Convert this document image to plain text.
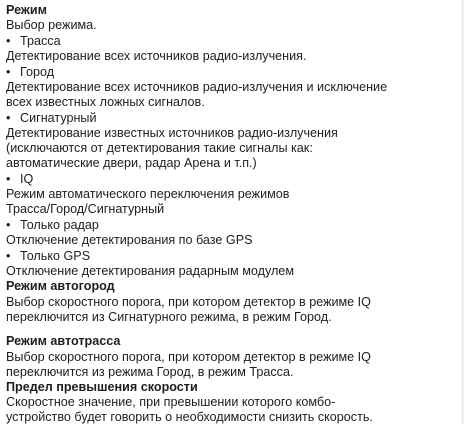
Режим
Выбор режима.
• Трасса
Детектирование всех источников радио-излучения.
• Город
Детектирование всех источников радио-излучения и исключение
всех известных ложных сигналов.
• Сигнатурный
Детектирование известных источников радио-излучения
(исключаются от детектирования такие сигналы как:
автоматические двери, радар Арена и т.п.)
• IQ
Режим автоматического переключения режимов
Трасса/Город/Сигнатурный
• Только радар
Отключение детектирования по базе GPS
• Только GPS
Отключение детектирования радарным модулем
Режим автогород
Выбор скоростного порога, при котором детектор в режиме IQ
переключится из Сигнатурного режима, в режим Город.
Режим автотрасса
Выбор скоростного порога, при котором детектор в режиме IQ
переключится из режима Город, в режим Трасса.
Предел превышения скорости
Скоростное значение, при превышении которого комбо-
устройство будет говорить о необходимости снизить скорость.
